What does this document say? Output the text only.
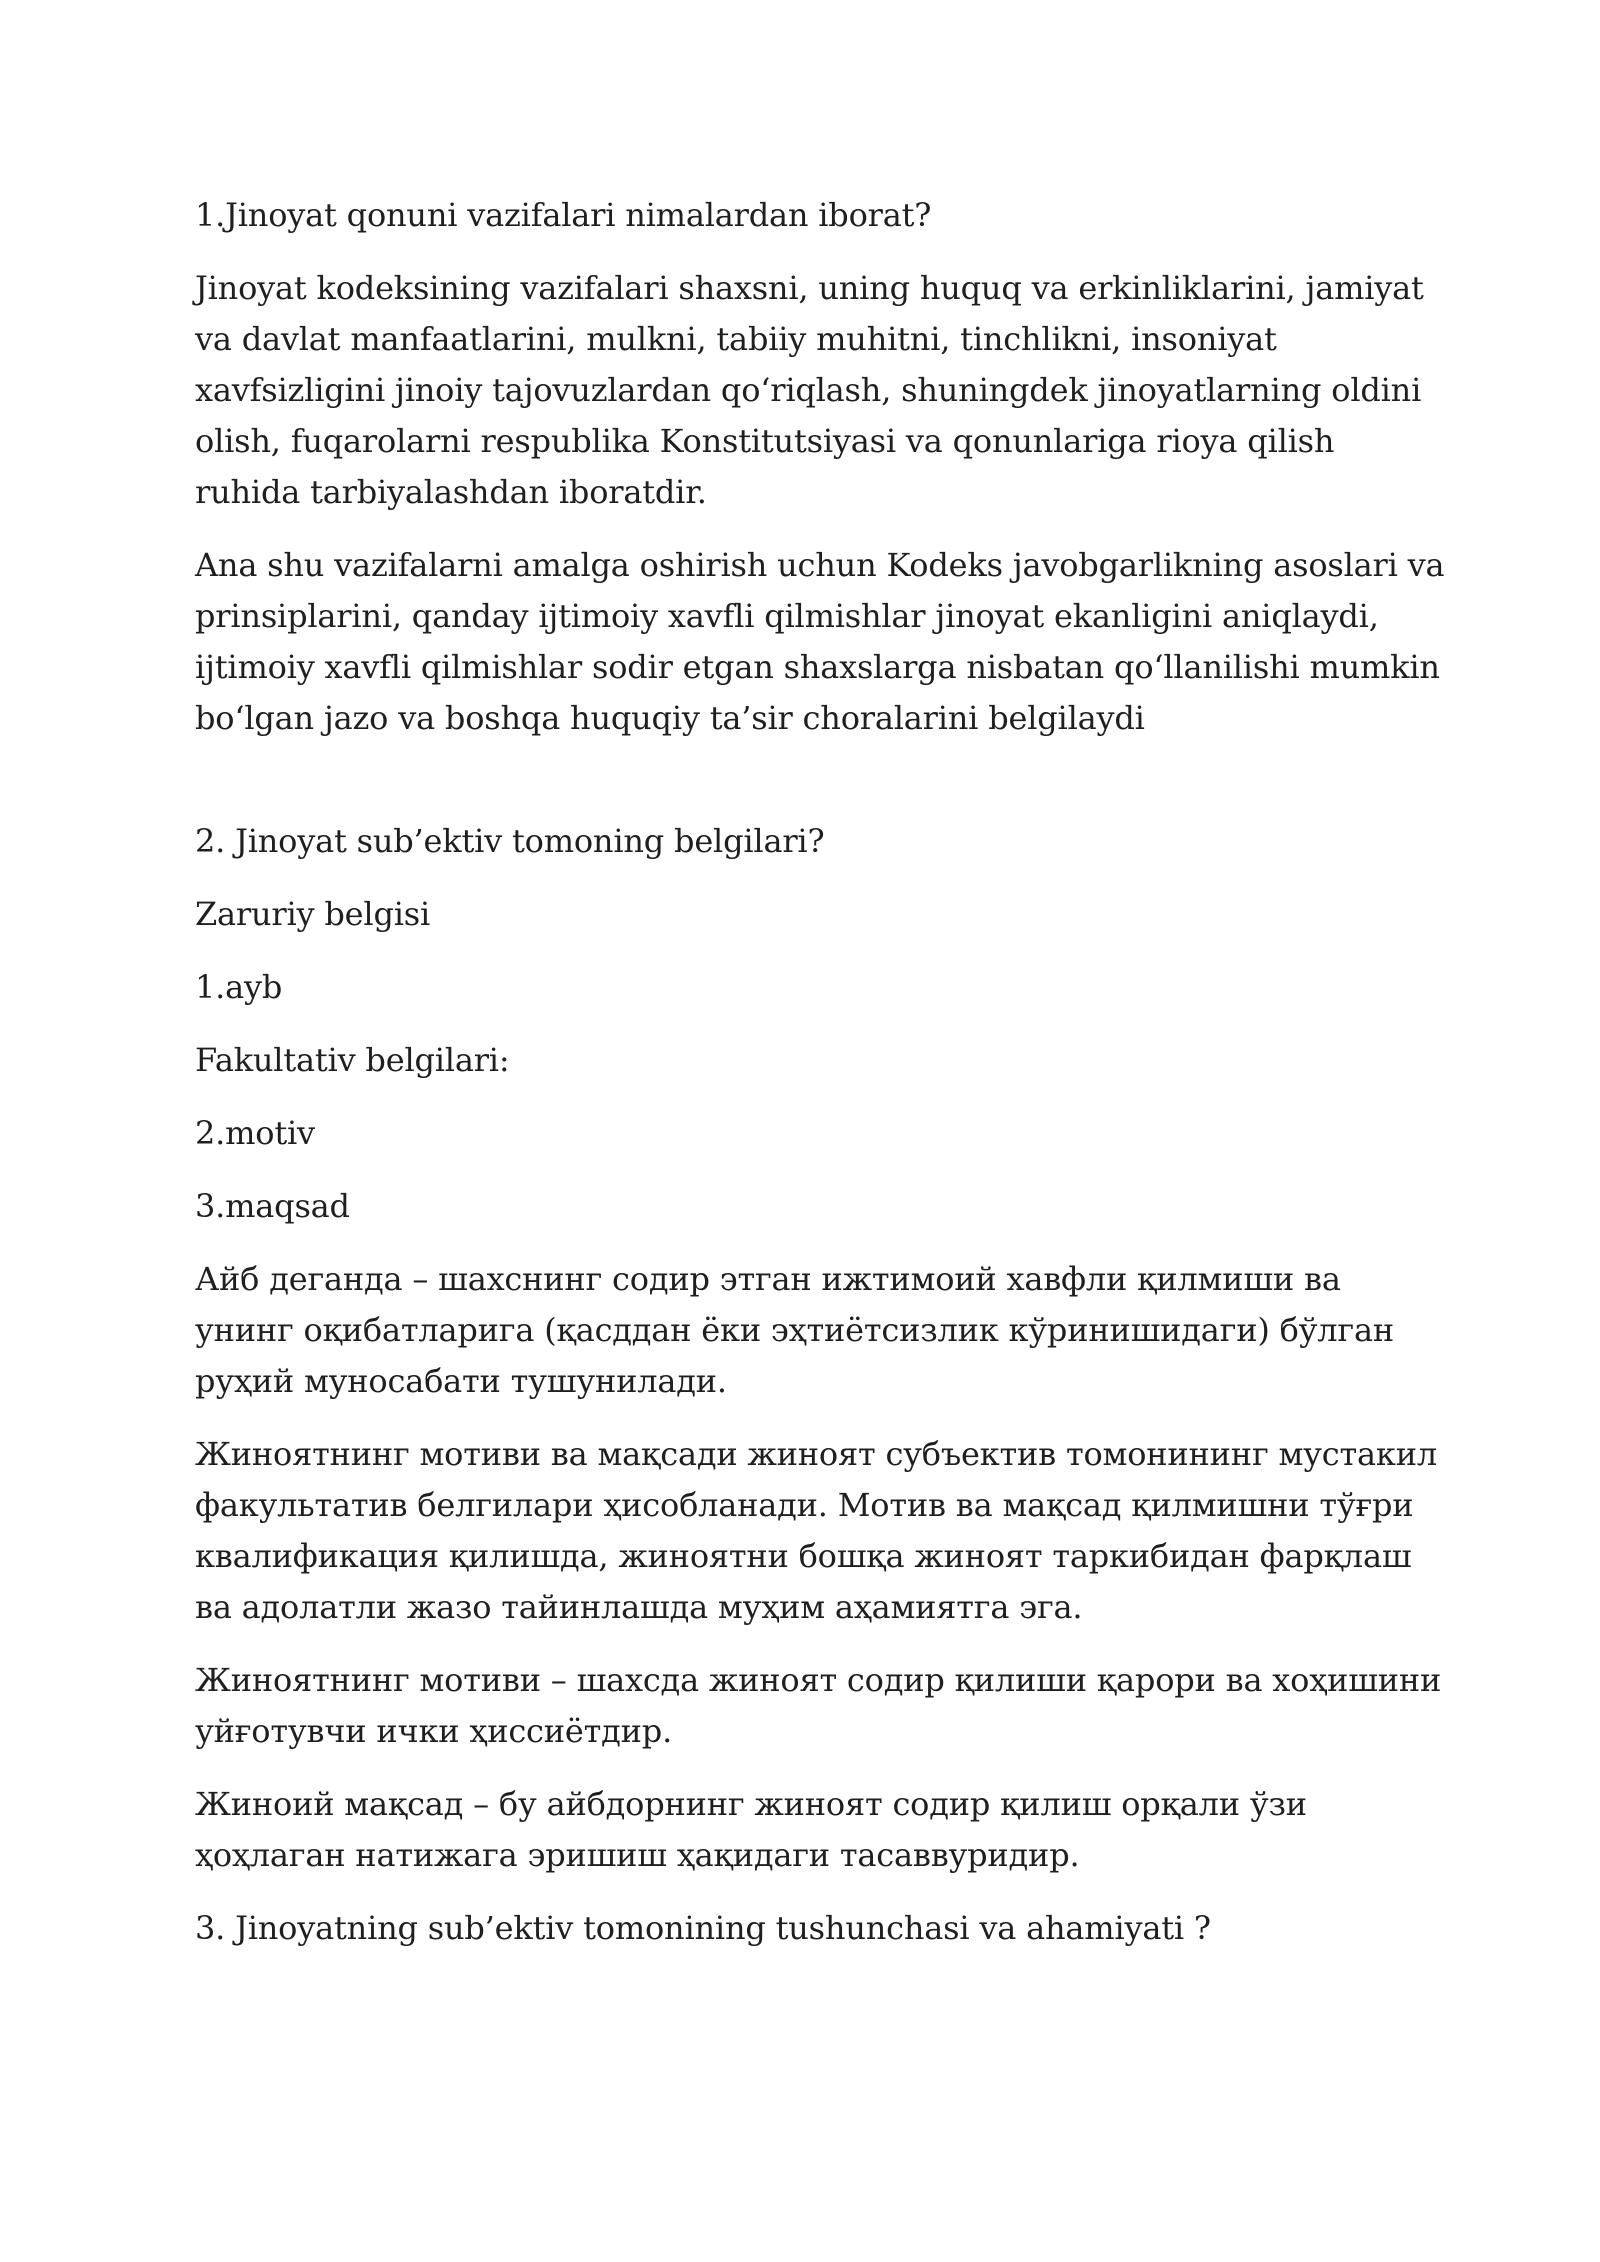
1.Jinoyat qonuni vazifalari nimalardan iborat?

Jinoyat kodeksining vazifalari shaxsni, uning huquq va erkinliklarini, jamiyat va davlat manfaatlarini, mulkni, tabiiy muhitni, tinchlikni, insoniyat xavfsizligini jinoiy tajovuzlardan qo‘riqlash, shuningdek jinoyatlarning oldini olish, fuqarolarni respublika Konstitutsiyasi va qonunlariga rioya qilish ruhida tarbiyalashdan iboratdir.

Ana shu vazifalarni amalga oshirish uchun Kodeks javobgarlikning asoslari va prinsiplarini, qanday ijtimoiy xavfli qilmishlar jinoyat ekanligini aniqlaydi, ijtimoiy xavfli qilmishlar sodir etgan shaxslarga nisbatan qo‘llanilishi mumkin bo‘lgan jazo va boshqa huquqiy ta’sir choralarini belgilaydi

2. Jinoyat sub’ektiv tomoning belgilari?

Zaruriy belgisi

1.ayb

Fakultativ belgilari:

2.motiv

3.maqsad

Айб деганда – шахснинг содир этган ижтимоий хавфли қилмиши ва унинг оқибатларига (қасддан ёки эҳтиётсизлик кўринишидаги) бўлган руҳий муносабати тушунилади.

Жиноятнинг мотиви ва мақсади жиноят субъектив томонининг мустакил факультатив белгилари ҳисобланади. Мотив ва мақсад қилмишни тўғри квалификация қилишда, жиноятни бошқа жиноят таркибидан фарқлаш ва адолатли жазо тайинлашда муҳим аҳамиятга эга.

Жиноятнинг мотиви – шахсда жиноят содир қилиши қарори ва хоҳишини уйғотувчи ички ҳиссиётдир.

Жиноий мақсад – бу айбдорнинг жиноят содир қилиш орқали ўзи ҳоҳлаган натижага эришиш ҳақидаги тасаввуридир.

3. Jinoyatning sub’ektiv tomonining tushunchasi va ahamiyati ?
